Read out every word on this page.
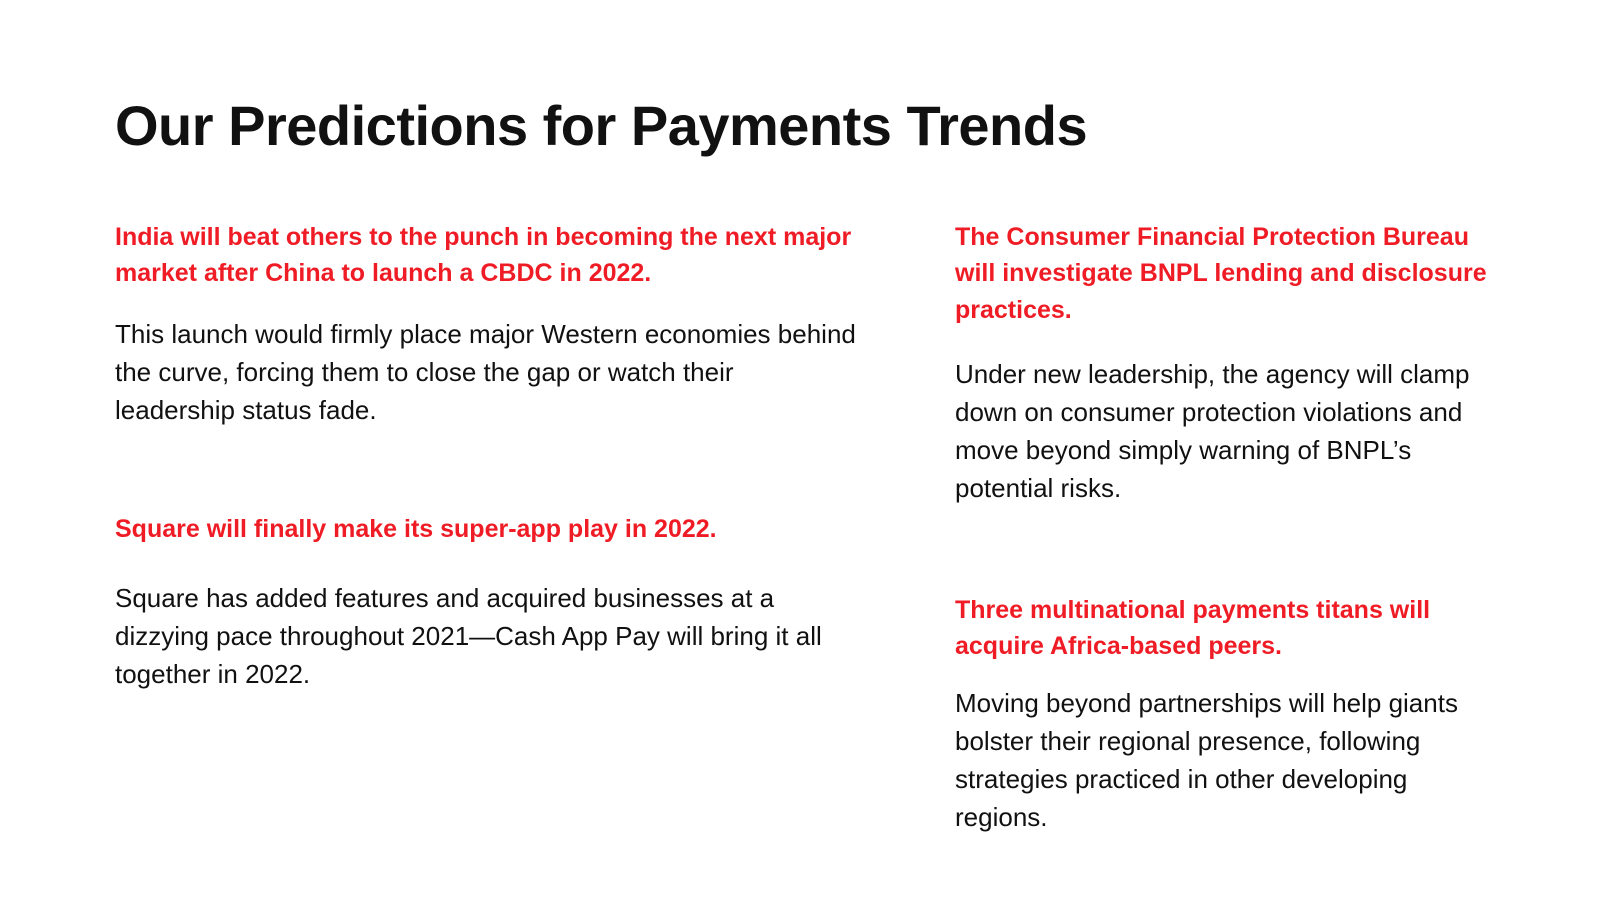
Our Predictions for Payments Trends

India will beat others to the punch in becoming the next major market after China to launch a CBDC in 2022.

This launch would firmly place major Western economies behind the curve, forcing them to close the gap or watch their leadership status fade.

Square will finally make its super-app play in 2022.

Square has added features and acquired businesses at a dizzying pace throughout 2021—Cash App Pay will bring it all together in 2022.

The Consumer Financial Protection Bureau will investigate BNPL lending and disclosure practices.

Under new leadership, the agency will clamp down on consumer protection violations and move beyond simply warning of BNPL’s potential risks.

Three multinational payments titans will acquire Africa-based peers.

Moving beyond partnerships will help giants bolster their regional presence, following strategies practiced in other developing regions.
